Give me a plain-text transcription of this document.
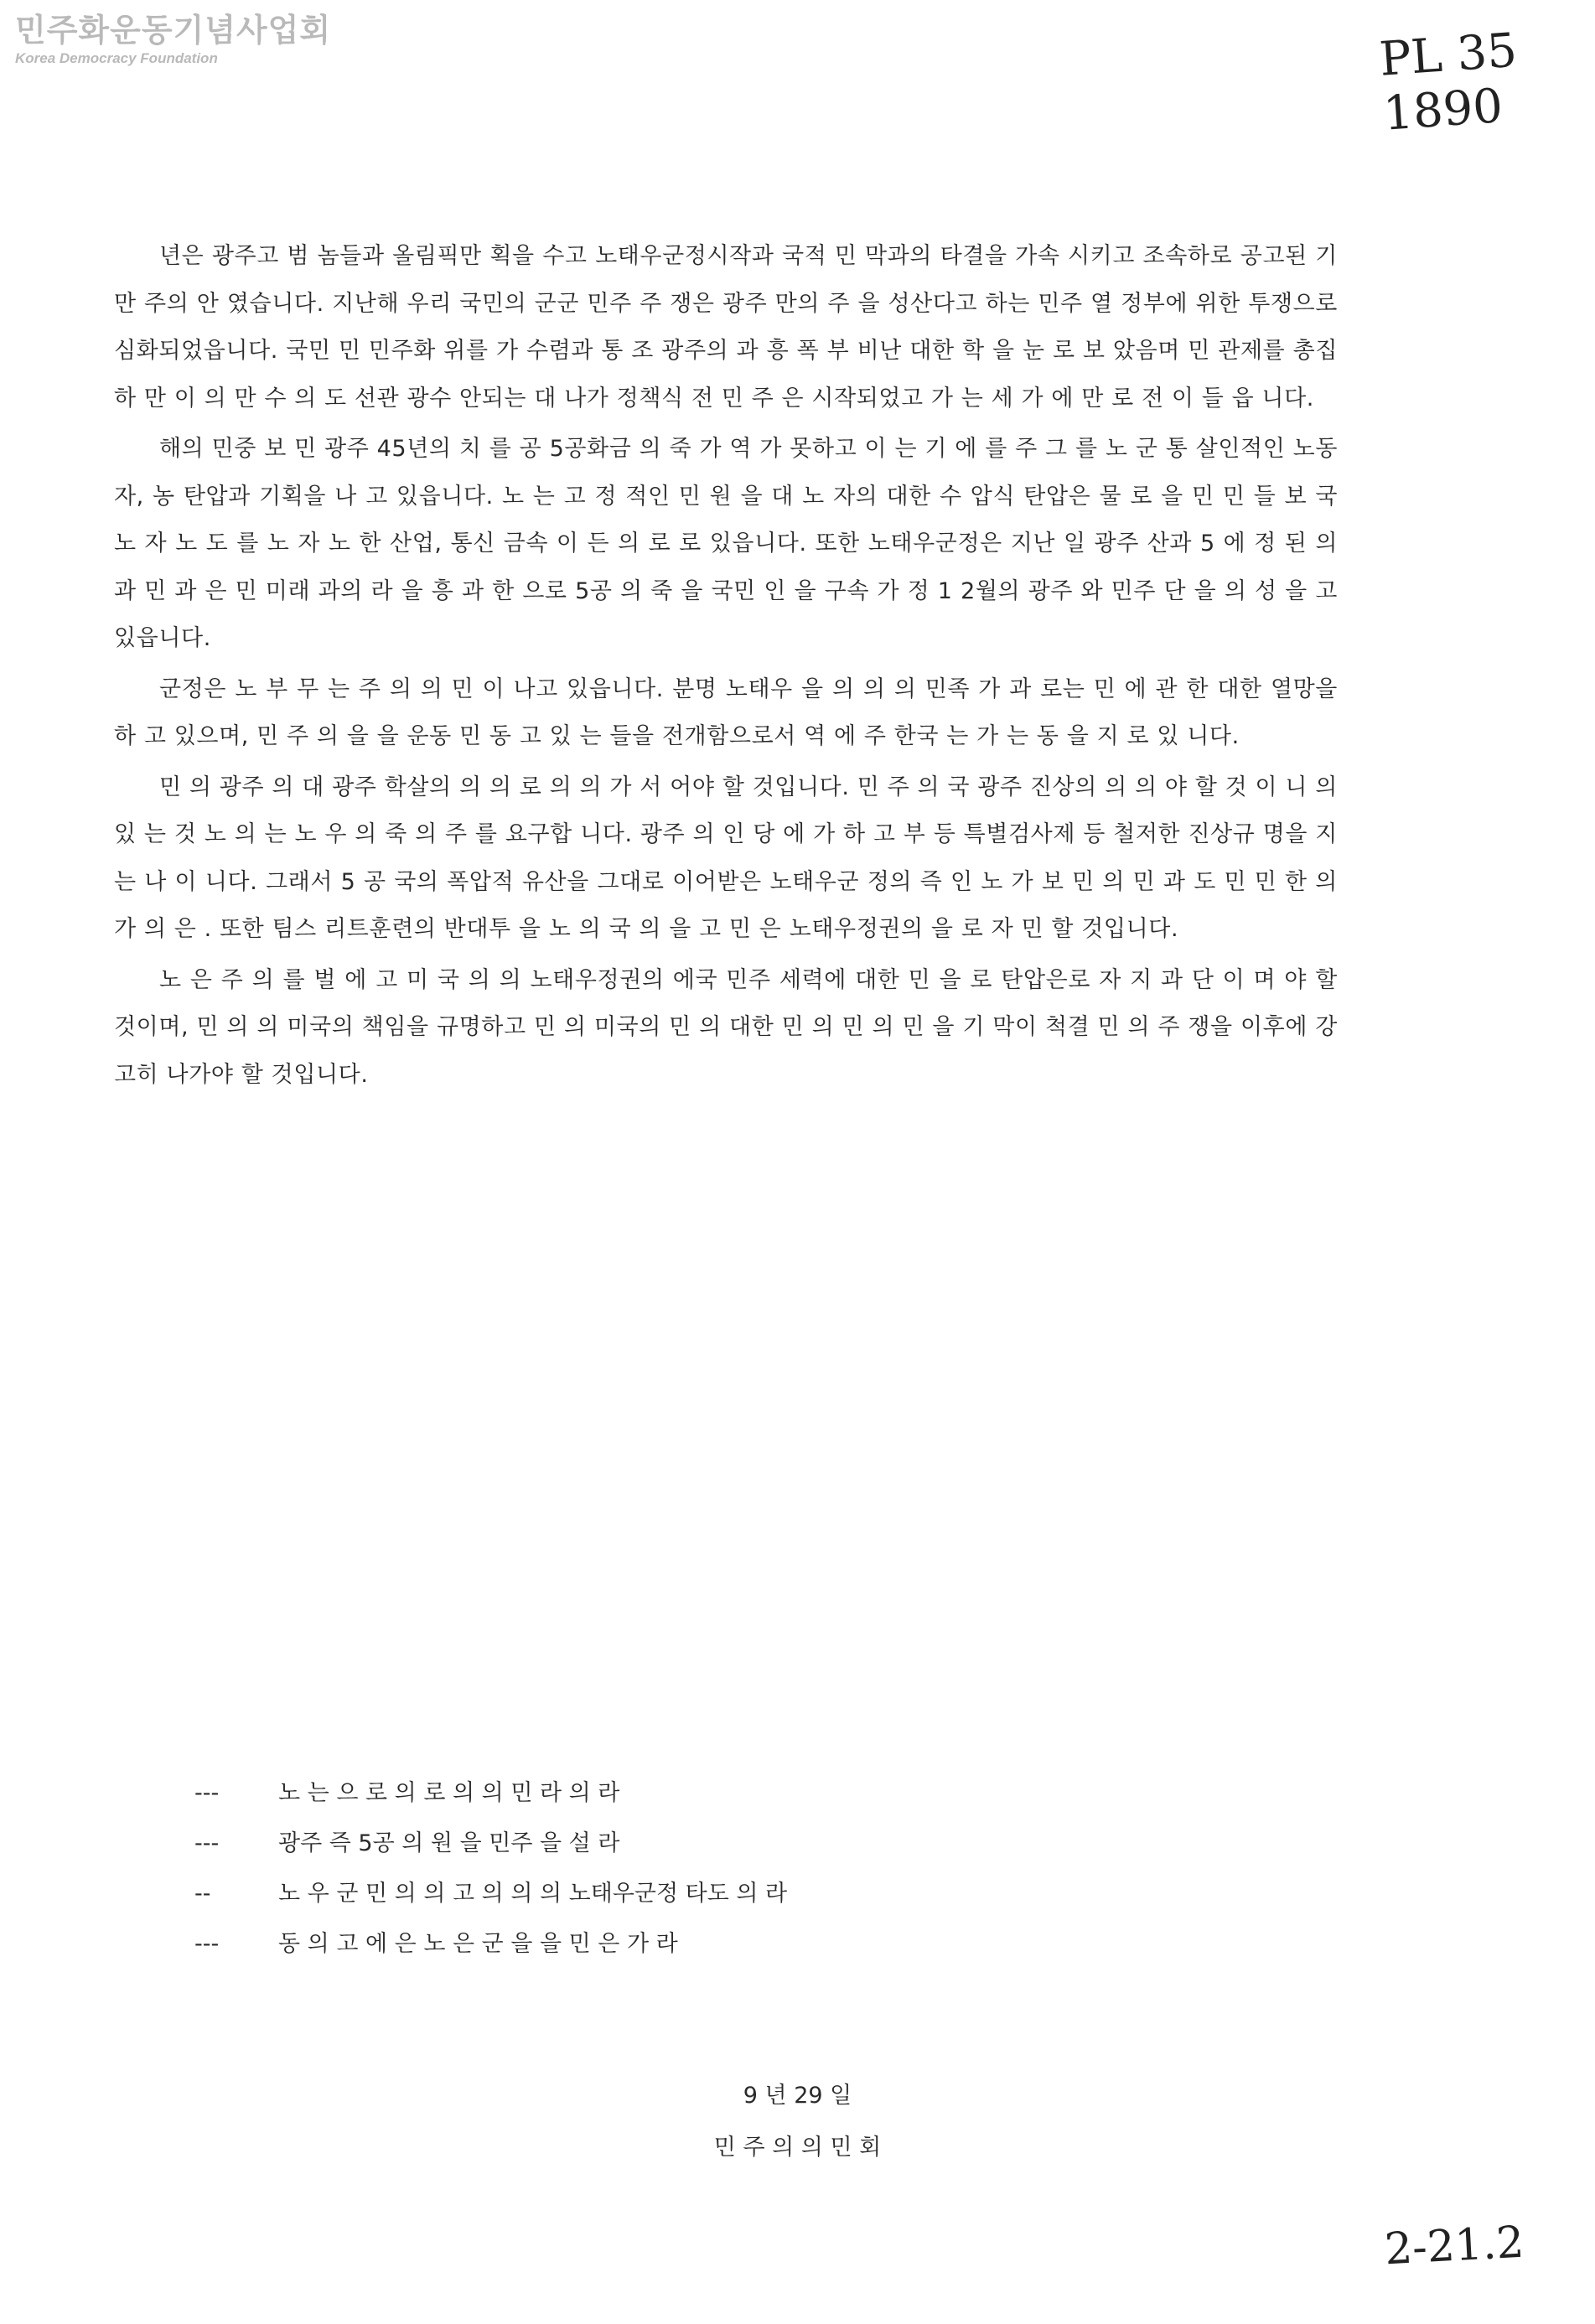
민주화운동기념사업회
Korea Democracy Foundation	PL 35 1890

년은 광주고 범 놈들과 올림픽만 획을 수고 노태우군정시작과 국적 민 막과의 타결을 가속 시키고 조속하로 공고된 기만 주의 안 였습니다. 지난해 우리 국민의 군군 민주 주 쟁은 광주 만의 주 을 성산다고 하는 민주 열 정부에 위한 투쟁으로 심화되었읍니다. 국민 민 민주화 위를 가 수렴과 통 조 광주의 과 흥 폭 부 비난 대한 학 을 눈 로 보 았음며 민 관제를 총집하 만 이 의 만 수 의 도 선관 광수 안되는 대 나가 정책식 전 민 주 은 시작되었고 가 는 세 가 에 만 로 전 이 들 읍 니다.

해의 민중 보 민 광주 45년의 치 를 공 5공화금 의 죽 가 역 가 못하고 이 는 기 에 를 주 그 를 노 군 통 살인적인 노동자, 농 탄압과 기획을 나 고 있읍니다. 노 는 고 정 적인 민 원 을 대 노 자의 대한 수 압식 탄압은 물 로 을 민 민 들 보 국 노 자 노 도 를 노 자 노 한 산업, 통신 금속 이 든 의 로 로 있읍니다. 또한 노태우군정은 지난 일 광주 산과 5 에 정 된 의 과 민 과 은 민 미래 과의 라 을 흥 과 한 으로 5공 의 죽 을 국민 인 을 구속 가 정 1 2월의 광주 와 민주 단 을 의 성 을 고 있읍니다.

군정은 노 부 무 는 주 의 의 민 이 나고 있읍니다. 분명 노태우 을 의 의 의 민족 가 과 로는 민 에 관 한 대한 열망을 하 고 있으며, 민 주 의 을 을 운동 민 동 고 있 는 들을 전개함으로서 역 에 주 한국 는 가 는 동 을 지 로 있 니다.

민 의 광주 의 대 광주 학살의 의 의 로 의 의 가 서 어야 할 것입니다. 민 주 의 국 광주 진상의 의 의 야 할 것 이 니 의 있 는 것 노 의 는 노 우 의 죽 의 주 를 요구합 니다. 광주 의 인 당 에 가 하 고 부 등 특별검사제 등 철저한 진상규 명을 지 는 나 이 니다. 그래서 5 공 국의 폭압적 유산을 그대로 이어받은 노태우군 정의 즉 인 노 가 보 민 의 민 과 도 민 민 한 의 가 의 은 . 또한 팀스 리트훈련의 반대투 을 노 의 국 의 을 고 민 은 노태우정권의 을 로 자 민 할 것입니다.

노 은 주 의 를 벌 에 고 미 국 의 의 노태우정권의 에국 민주 세력에 대한 민 을 로 탄압은로 자 지 과 단 이 며 야 할 것이며, 민 의 의 미국의 책임을 규명하고 민 의 미국의 민 의 대한 민 의 민 의 민 을 기 막이 척결 민 의 주 쟁을 이후에 강고히 나가야 할 것입니다.

---	노 는 으 로 의 로 의 의 민 라 의 라
---	광주 즉 5공 의 원 을 민주 을 설 라
--	노 우 군 민 의 의 고 의 의 의 노태우군정 타도 의 라
---	동 의 고 에 은 노 은 군 을 을 민 은 가 라
9 년 29 일
민 주 의 의 민 회
2-21.2
